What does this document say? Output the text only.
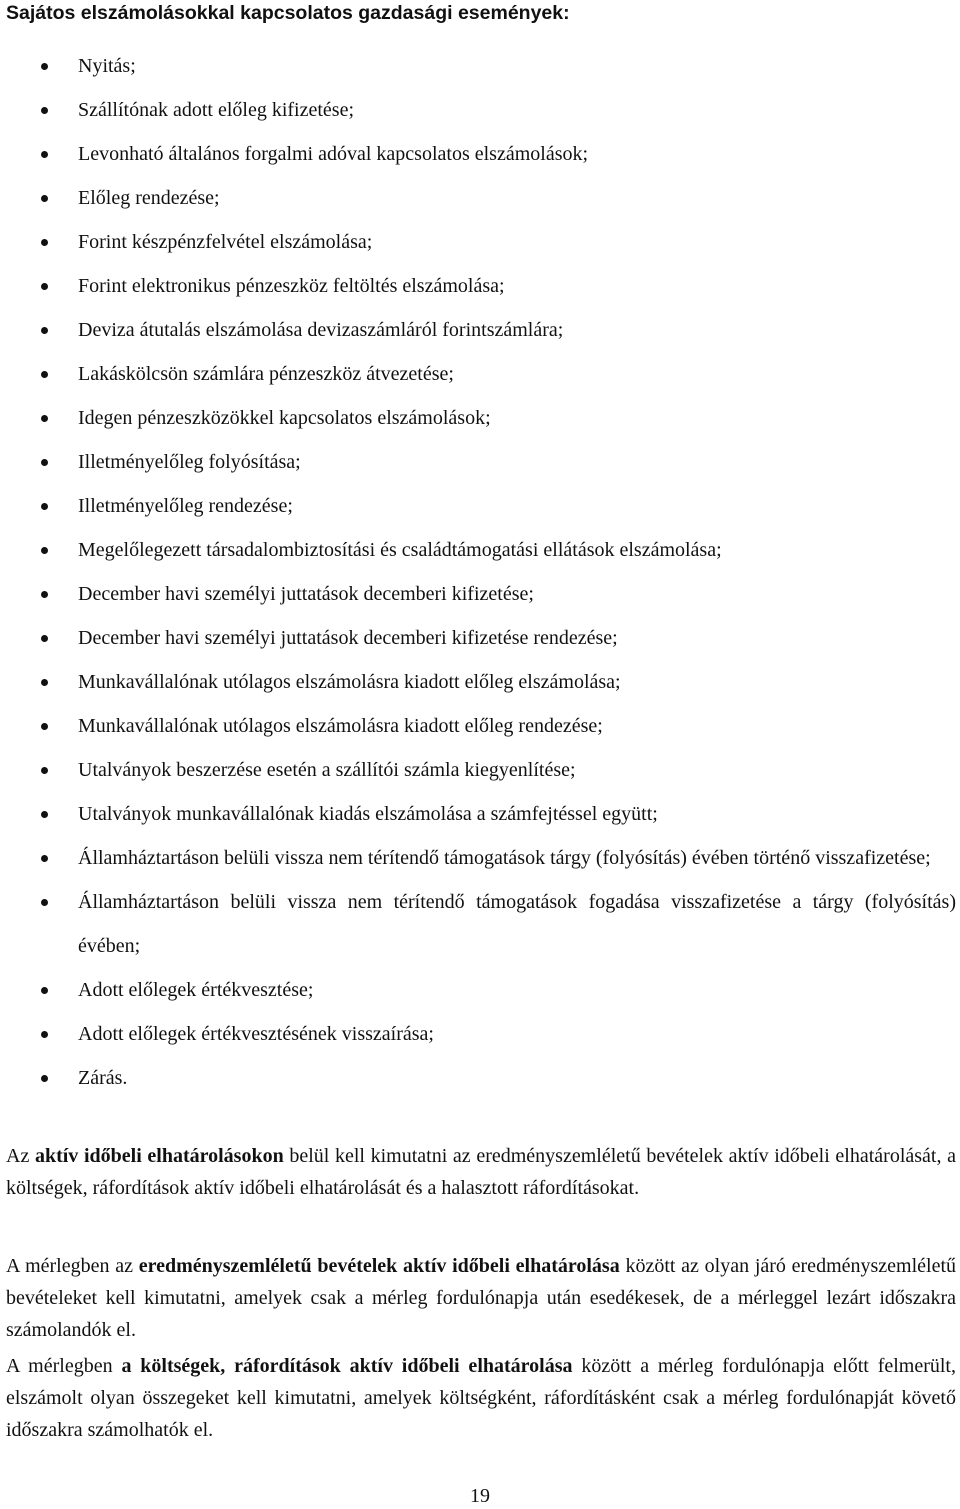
Sajátos elszámolásokkal kapcsolatos gazdasági események:
Nyitás;
Szállítónak adott előleg kifizetése;
Levonható általános forgalmi adóval kapcsolatos elszámolások;
Előleg rendezése;
Forint készpénzfelvétel elszámolása;
Forint elektronikus pénzeszköz feltöltés elszámolása;
Deviza átutalás elszámolása devizaszámláról forintszámlára;
Lakáskölcsön számlára pénzeszköz átvezetése;
Idegen pénzeszközökkel kapcsolatos elszámolások;
Illetményelőleg folyósítása;
Illetményelőleg rendezése;
Megelőlegezett társadalombiztosítási és családtámogatási ellátások elszámolása;
December havi személyi juttatások decemberi kifizetése;
December havi személyi juttatások decemberi kifizetése rendezése;
Munkavállalónak utólagos elszámolásra kiadott előleg elszámolása;
Munkavállalónak utólagos elszámolásra kiadott előleg rendezése;
Utalványok beszerzése esetén a szállítói számla kiegyenlítése;
Utalványok munkavállalónak kiadás elszámolása a számfejtéssel együtt;
Államháztartáson belüli vissza nem térítendő támogatások tárgy (folyósítás) évében történő visszafizetése;
Államháztartáson belüli vissza nem térítendő támogatások fogadása visszafizetése a tárgy (folyósítás) évében;
Adott előlegek értékvesztése;
Adott előlegek értékvesztésének visszaírása;
Zárás.

Az aktív időbeli elhatárolásokon belül kell kimutatni az eredményszemléletű bevételek aktív időbeli elhatárolását, a költségek, ráfordítások aktív időbeli elhatárolását és a halasztott ráfordításokat.

A mérlegben az eredményszemléletű bevételek aktív időbeli elhatárolása között az olyan járó eredményszemléletű bevételeket kell kimutatni, amelyek csak a mérleg fordulónapja után esedékesek, de a mérleggel lezárt időszakra számolandók el.

A mérlegben a költségek, ráfordítások aktív időbeli elhatárolása között a mérleg fordulónapja előtt felmerült, elszámolt olyan összegeket kell kimutatni, amelyek költségként, ráfordításként csak a mérleg fordulónapját követő időszakra számolhatók el.

19
